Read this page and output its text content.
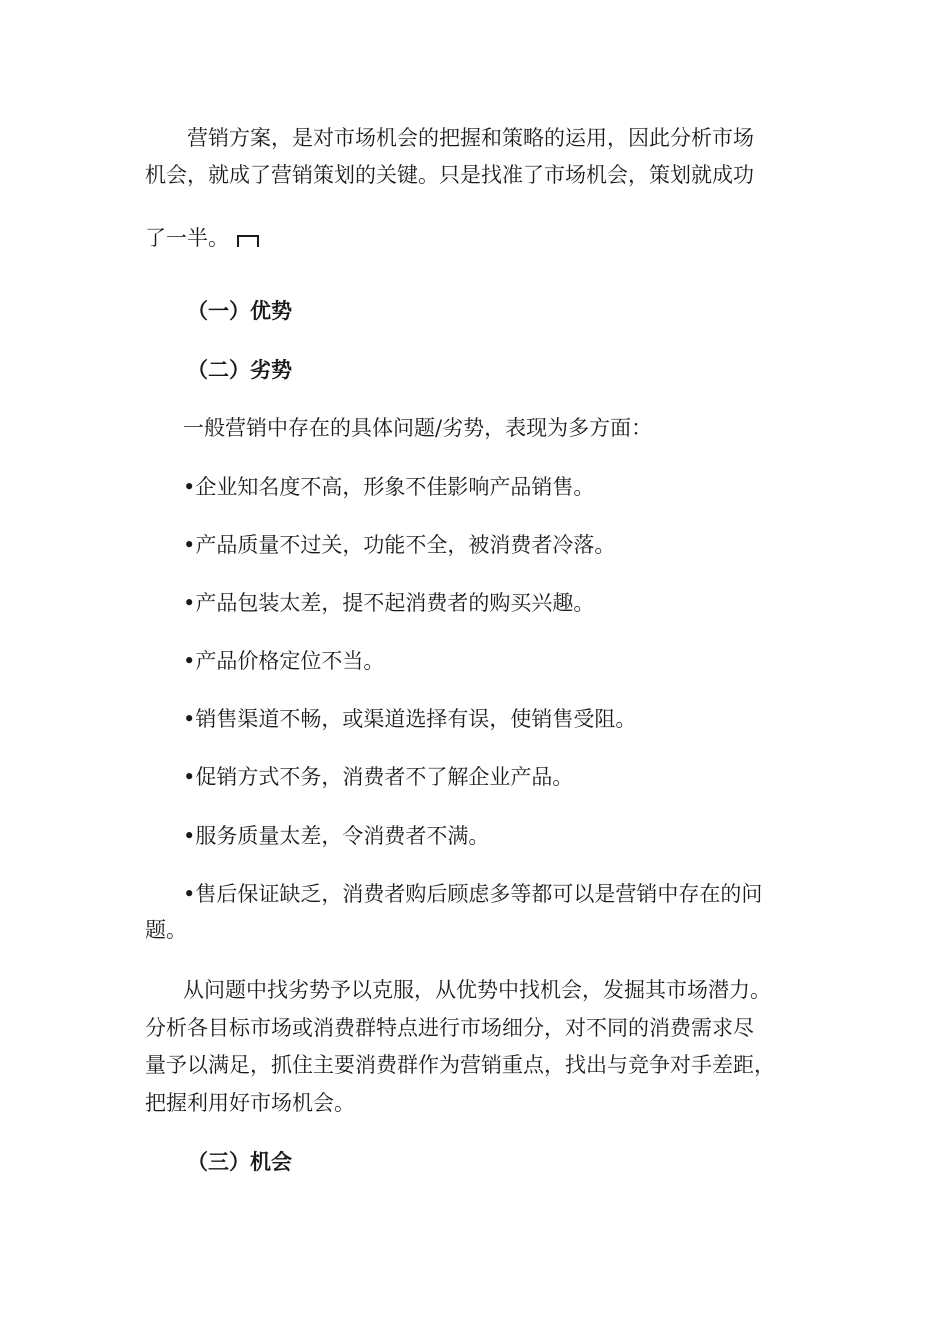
营销方案，是对市场机会的把握和策略的运用，因此分析市场

机会，就成了营销策划的关键。只是找准了市场机会，策划就成功

了一半。

（一）优势

（二）劣势

一般营销中存在的具体问题/劣势，表现为多方面：

•企业知名度不高，形象不佳影响产品销售。

•产品质量不过关，功能不全，被消费者冷落。

•产品包装太差，提不起消费者的购买兴趣。

•产品价格定位不当。

•销售渠道不畅，或渠道选择有误，使销售受阻。

•促销方式不务，消费者不了解企业产品。

•服务质量太差，令消费者不满。

•售后保证缺乏，消费者购后顾虑多等都可以是营销中存在的问

题。

从问题中找劣势予以克服，从优势中找机会，发掘其市场潜力。

分析各目标市场或消费群特点进行市场细分，对不同的消费需求尽

量予以满足，抓住主要消费群作为营销重点，找出与竞争对手差距，

把握利用好市场机会。

（三）机会
